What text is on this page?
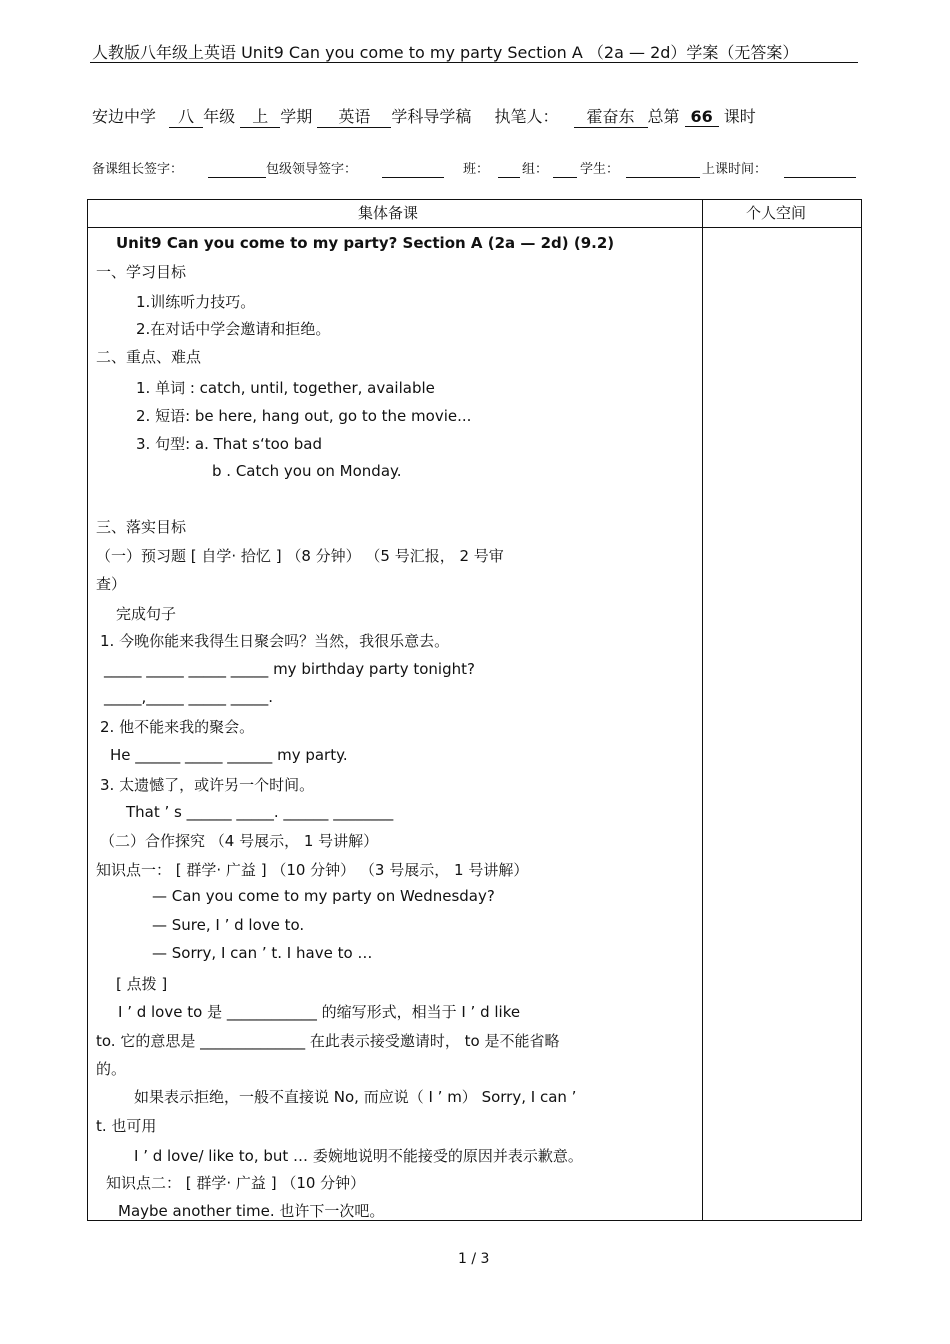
人教版八年级上英语 Unit9 Can you come to my party Section A （2a — 2d）学案（无答案）
安边中学 八 年级 上 学期 英语 学科导学稿 执笔人： 霍奋东 总第 66 课时
备课组长签字：	包级领导签字：	班：	组： 学生：	上课时间：
集体备课	个人空间
Unit9 Can you come to my party? Section A (2a — 2d) (9.2)
一、学习目标
1.训练听力技巧。
2.在对话中学会邀请和拒绝。
二、重点、难点
1. 单词 : catch, until, together, available
2. 短语: be here, hang out, go to the movie...
3. 句型: a. That s‘too bad
b . Catch you on Monday.
三、落实目标
（一）预习题 [ 自学· 拾忆 ] （8 分钟） （5 号汇报， 2 号审
查）
完成句子
1. 今晚你能来我得生日聚会吗？当然，我很乐意去。
_____ _____ _____ _____ my birthday party tonight?
_____,_____ _____ _____.
2. 他不能来我的聚会。
He ______ _____ ______ my party.
3. 太遗憾了，或许另一个时间。
That ’ s ______ _____. ______ ________
（二）合作探究 （4 号展示， 1 号讲解）
知识点一： [ 群学· 广益 ] （10 分钟） （3 号展示， 1 号讲解）
— Can you come to my party on Wednesday?
— Sure, I ’ d love to.
— Sorry, I can ’ t. I have to …
[ 点拨 ]
I ’ d love to 是 ____________ 的缩写形式，相当于 I ’ d like
to. 它的意思是 ______________ 在此表示接受邀请时， to 是不能省略
的。
如果表示拒绝，一般不直接说 No, 而应说（ I ’ m） Sorry, I can ’
t. 也可用
I ’ d love/ like to, but … 委婉地说明不能接受的原因并表示歉意。
知识点二： [ 群学· 广益 ] （10 分钟）
Maybe another time. 也许下一次吧。
1 / 3
